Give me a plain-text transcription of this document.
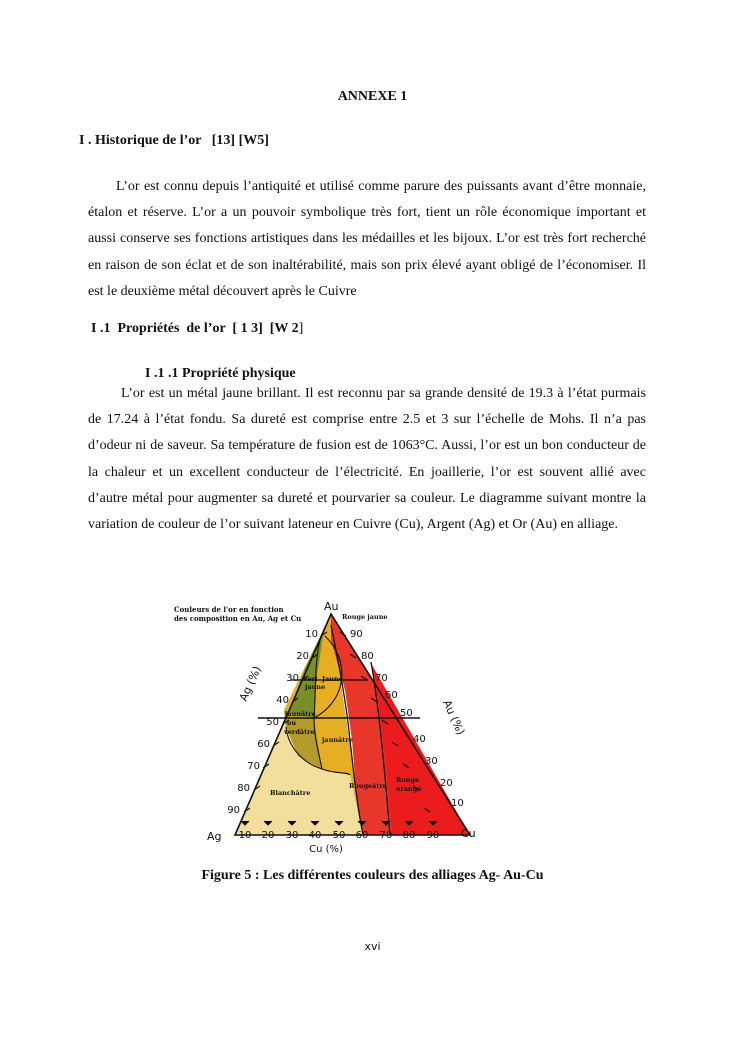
ANNEXE 1
I . Historique de l’or   [13] [W5]

L’or est connu depuis l’antiquité et utilisé comme parure des puissants avant d’être monnaie, étalon et réserve. L’or a un pouvoir symbolique très fort, tient un rôle économique important et aussi conserve ses fonctions artistiques dans les médailles et les bijoux. L’or est très fort recherché en raison de son éclat et de son inaltérabilité, mais son prix élevé ayant obligé de l’économiser. Il est le deuxième métal découvert après le Cuivre

I .1  Propriétés  de l’or  [ 1 3]  [W 2]
I .1 .1 Propriété physique

L’or est un métal jaune brillant. Il est reconnu par sa grande densité de 19.3 à l’état purmais de 17.24 à l’état fondu. Sa dureté est comprise entre 2.5 et 3 sur l’échelle de Mohs. Il n’a pas d’odeur ni de saveur. Sa température de fusion est de 1063°C. Aussi, l’or est un bon conducteur de la chaleur et un excellent conducteur de l’électricité. En joaillerie, l’or est souvent allié avec d’autre métal pour augmenter sa dureté et pourvarier sa couleur. Le diagramme suivant montre la variation de couleur de l’or suivant lateneur en Cuivre (Cu), Argent (Ag) et Or (Au) en alliage.

Au
Ag	Cu
10
20
30
40
50
60
70
80
90
90
80
70
60
50
40
30
20
10
10 20 30 40 50 60 70 80 90
Ag (%)
Au (%)
Cu (%)
Couleurs de l'or en fonction
des composition en Au, Ag et Cu	Rouge jaune
Vert
jaune
Jaune
jaunâtre
ou
verdâtre
jaunâtre
Blanchâtre
Rougeâtre
Rouge
orangé
Figure 5 : Les différentes couleurs des alliages Ag- Au-Cu
xvi
